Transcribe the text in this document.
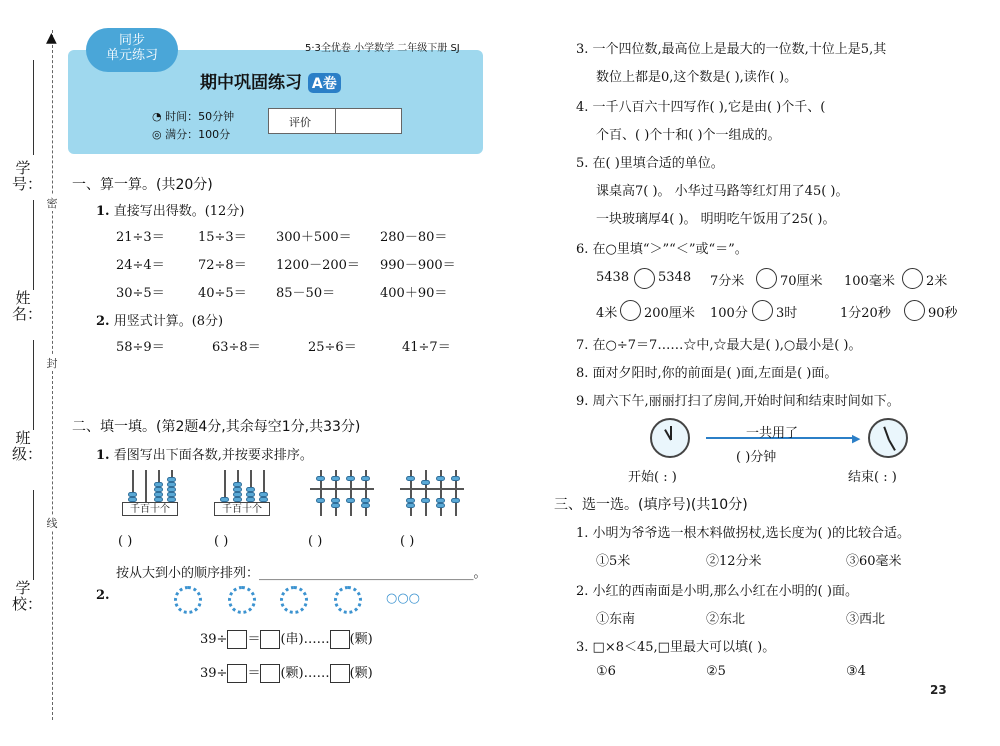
学号：
姓名：
班级：
学校：
▲
密
封
线
同步
单元练习	5·3全优卷 小学数学 二年级下册 SJ
期中巩固练习 A卷
◔ 时间：50分钟
◎ 满分：100分
评价
一、算一算。(共20分)
1. 直接写出得数。(12分)
21÷3＝	15÷3＝ 300＋500＝ 280－80＝
24÷4＝	72÷8＝ 1200－200＝ 990－900＝
30÷5＝	40÷5＝ 85－50＝	400＋90＝
2. 用竖式计算。(8分)
58÷9＝	63÷8＝	25÷6＝	41÷7＝
二、填一填。(第2题4分,其余每空1分,共33分)
1. 看图写出下面各数,并按要求排序。
千百十个	千百十个
( )	( )	( )	( )
按从大到小的顺序排列：_________________________________。
2.	○○○
39÷ ＝ (串)…… (颗)
39÷ ＝ (颗)…… (颗)
3. 一个四位数,最高位上是最大的一位数,十位上是5,其
数位上都是0,这个数是( ),读作( )。
4. 一千八百六十四写作( ),它是由( )个千、(
个百、( )个十和( )个一组成的。
5. 在( )里填合适的单位。
课桌高7( )。 小华过马路等红灯用了45( )。
一块玻璃厚4( )。 明明吃午饭用了25( )。
6. 在○里填“＞”“＜”或“＝”。
5438 5348 7分米	70厘米 100毫米 2米
4米 200厘米 100分 3时	1分20秒	90秒
7. 在○÷7＝7……☆中,☆最大是( ),○最小是( )。
8. 面对夕阳时,你的前面是( )面,左面是( )面。
9. 周六下午,丽丽打扫了房间,开始时间和结束时间如下。
▶
一共用了
( )分钟
开始( : )	结束( : )
三、选一选。(填序号)(共10分)
1. 小明为爷爷选一根木料做拐杖,选长度为( )的比较合适。
①5米	②12分米	③60毫米
2. 小红的西南面是小明,那么小红在小明的( )面。
①东南	②东北	③西北
3. □×8＜45,□里最大可以填( )。
①6	②5	③4
23
